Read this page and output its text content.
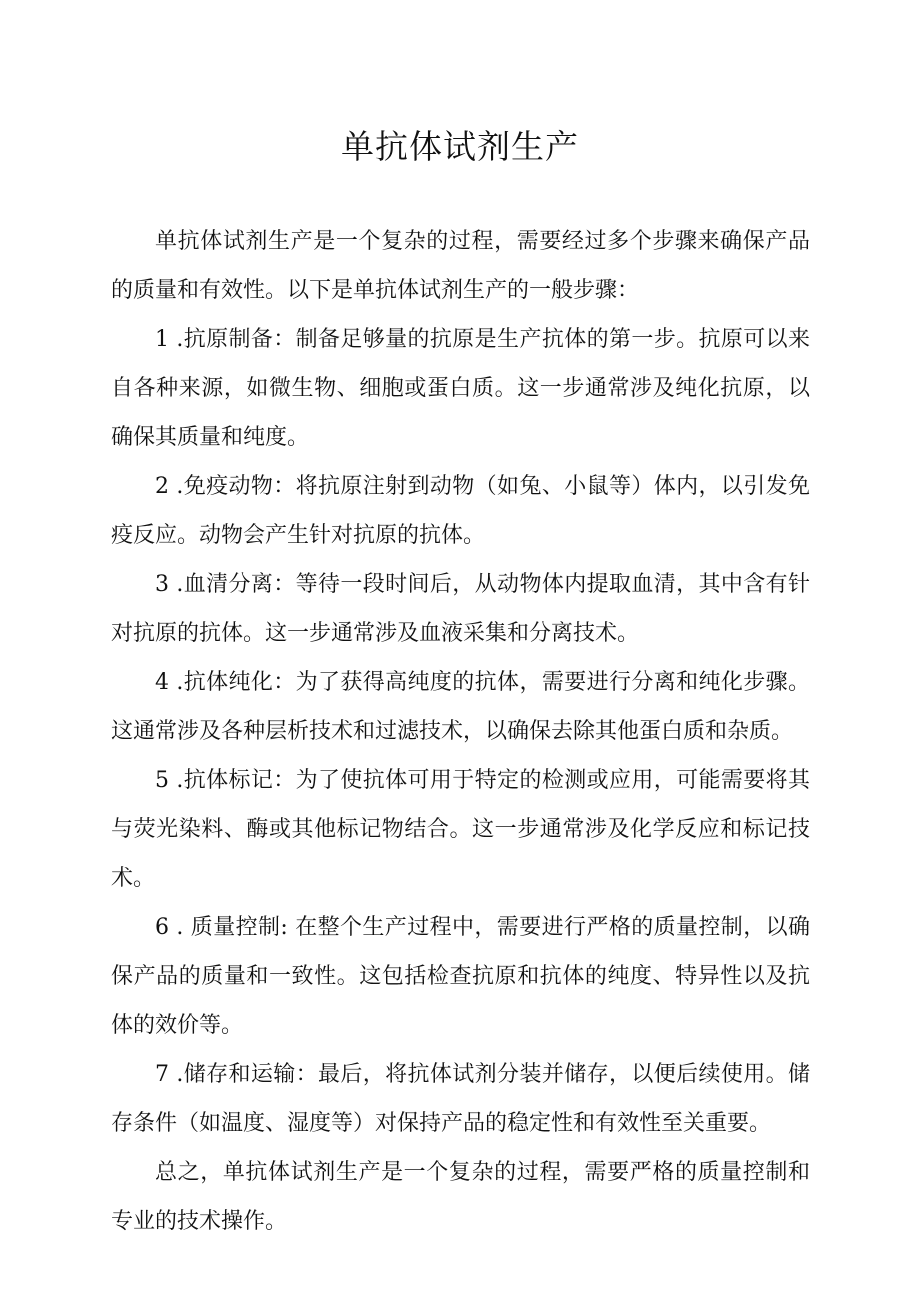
单抗体试剂生产

单抗体试剂生产是一个复杂的过程，需要经过多个步骤来确保产品的质量和有效性。以下是单抗体试剂生产的一般步骤：

1 .抗原制备：制备足够量的抗原是生产抗体的第一步。抗原可以来自各种来源，如微生物、细胞或蛋白质。这一步通常涉及纯化抗原，以确保其质量和纯度。

2 .免疫动物：将抗原注射到动物（如兔、小鼠等）体内，以引发免疫反应。动物会产生针对抗原的抗体。

3 .血清分离：等待一段时间后，从动物体内提取血清，其中含有针对抗原的抗体。这一步通常涉及血液采集和分离技术。

4 .抗体纯化：为了获得高纯度的抗体，需要进行分离和纯化步骤。这通常涉及各种层析技术和过滤技术，以确保去除其他蛋白质和杂质。

5 .抗体标记：为了使抗体可用于特定的检测或应用，可能需要将其与荧光染料、酶或其他标记物结合。这一步通常涉及化学反应和标记技术。

6 . 质量控制: 在整个生产过程中，需要进行严格的质量控制，以确保产品的质量和一致性。这包括检查抗原和抗体的纯度、特异性以及抗体的效价等。

7 .储存和运输：最后，将抗体试剂分装并储存，以便后续使用。储存条件（如温度、湿度等）对保持产品的稳定性和有效性至关重要。

总之，单抗体试剂生产是一个复杂的过程，需要严格的质量控制和专业的技术操作。
